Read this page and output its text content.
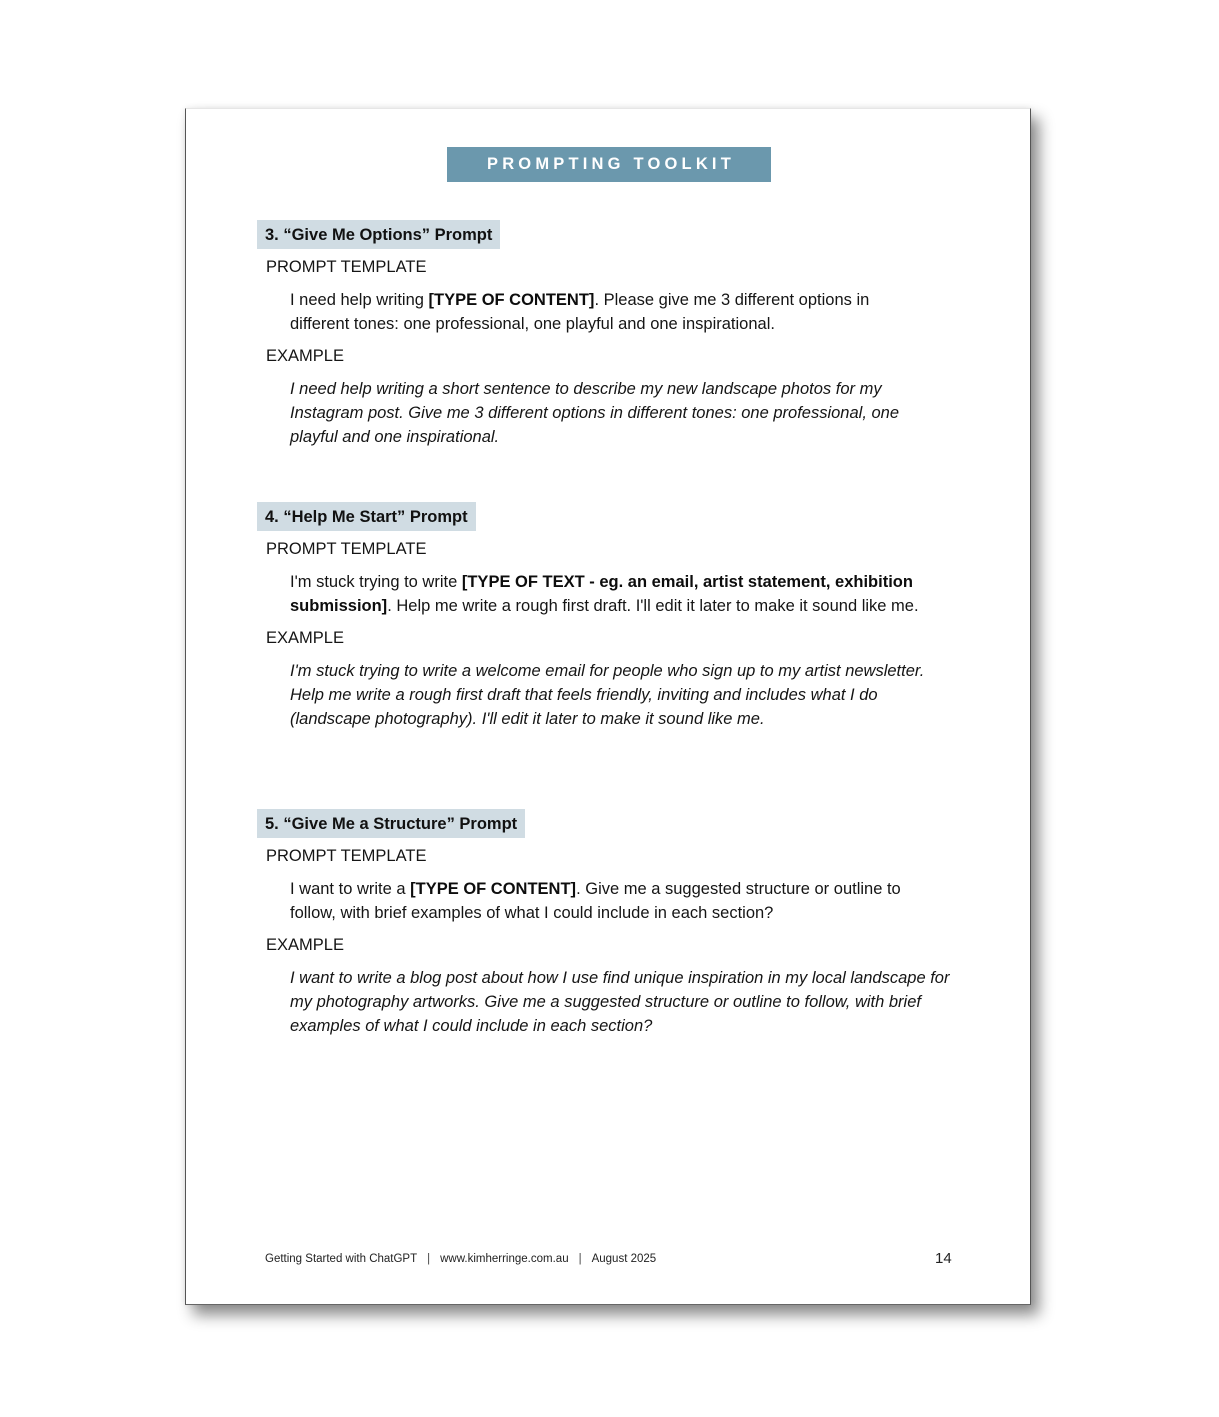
PROMPTING TOOLKIT
3. “Give Me Options” Prompt
PROMPT TEMPLATE
I need help writing [TYPE OF CONTENT]. Please give me 3 different options in different tones: one professional, one playful and one inspirational.
EXAMPLE
I need help writing a short sentence to describe my new landscape photos for my Instagram post. Give me 3 different options in different tones: one professional, one playful and one inspirational.
4. “Help Me Start” Prompt
PROMPT TEMPLATE
I'm stuck trying to write [TYPE OF TEXT - eg. an email, artist statement, exhibition submission]. Help me write a rough first draft. I'll edit it later to make it sound like me.
EXAMPLE
I'm stuck trying to write a welcome email for people who sign up to my artist newsletter. Help me write a rough first draft that feels friendly, inviting and includes what I do (landscape photography). I'll edit it later to make it sound like me.
5. “Give Me a Structure” Prompt
PROMPT TEMPLATE
I want to write a [TYPE OF CONTENT]. Give me a suggested structure or outline to follow, with brief examples of what I could include in each section?
EXAMPLE
I want to write a blog post about how I use find unique inspiration in my local landscape for my photography artworks. Give me a suggested structure or outline to follow, with brief examples of what I could include in each section?
Getting Started with ChatGPT | www.kimherringe.com.au | August 2025	14
